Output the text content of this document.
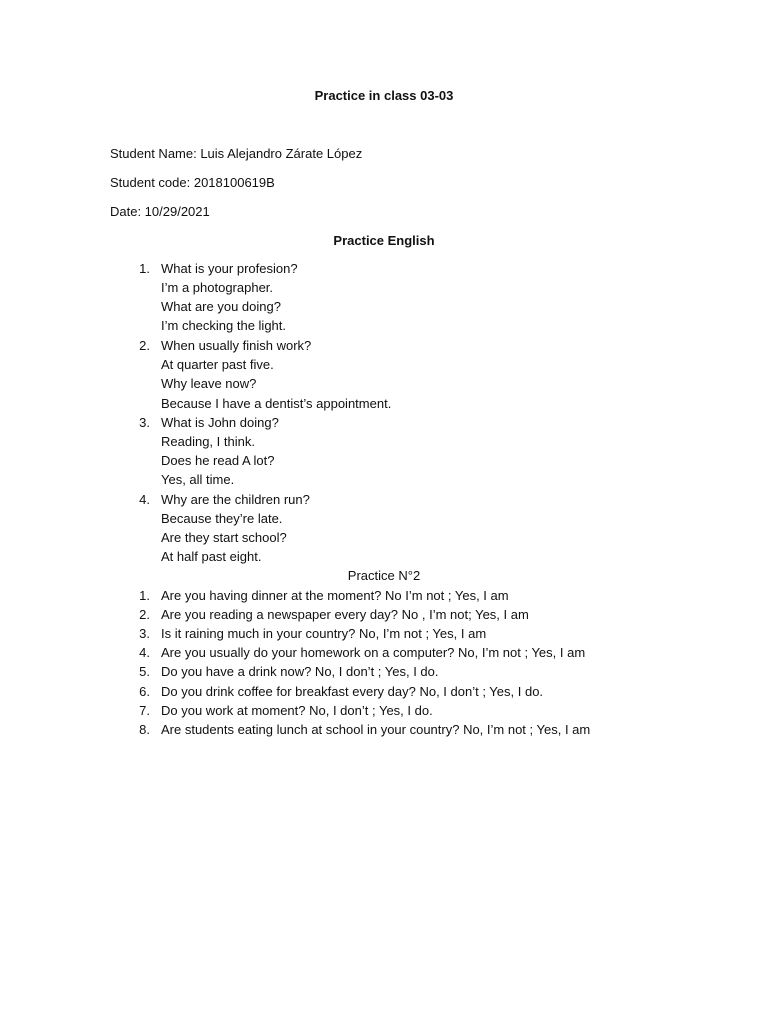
Practice in class 03-03
Student Name: Luis Alejandro Zárate López
Student code: 2018100619B
Date: 10/29/2021
Practice English
1. What is your profesion?
I’m a photographer.
What are you doing?
I’m checking the light.
2. When usually finish work?
At quarter past five.
Why leave now?
Because I have a dentist’s appointment.
3. What is John doing?
Reading, I think.
Does he read A lot?
Yes, all time.
4. Why are the children run?
Because they’re late.
Are they start school?
At half past eight.
Practice N°2
1. Are you having dinner at the moment? No I’m not ; Yes, I am
2. Are you reading a newspaper every day? No , I’m not; Yes, I am
3. Is it raining much in your country? No, I’m not ; Yes, I am
4. Are you usually do your homework on a computer? No, I’m not ; Yes, I am
5. Do you have a drink now? No, I don’t ; Yes, I do.
6. Do you drink coffee for breakfast every day? No, I don’t ; Yes, I do.
7. Do you work at moment? No, I don’t ; Yes, I do.
8. Are students eating lunch at school in your country? No, I’m not ; Yes, I am
